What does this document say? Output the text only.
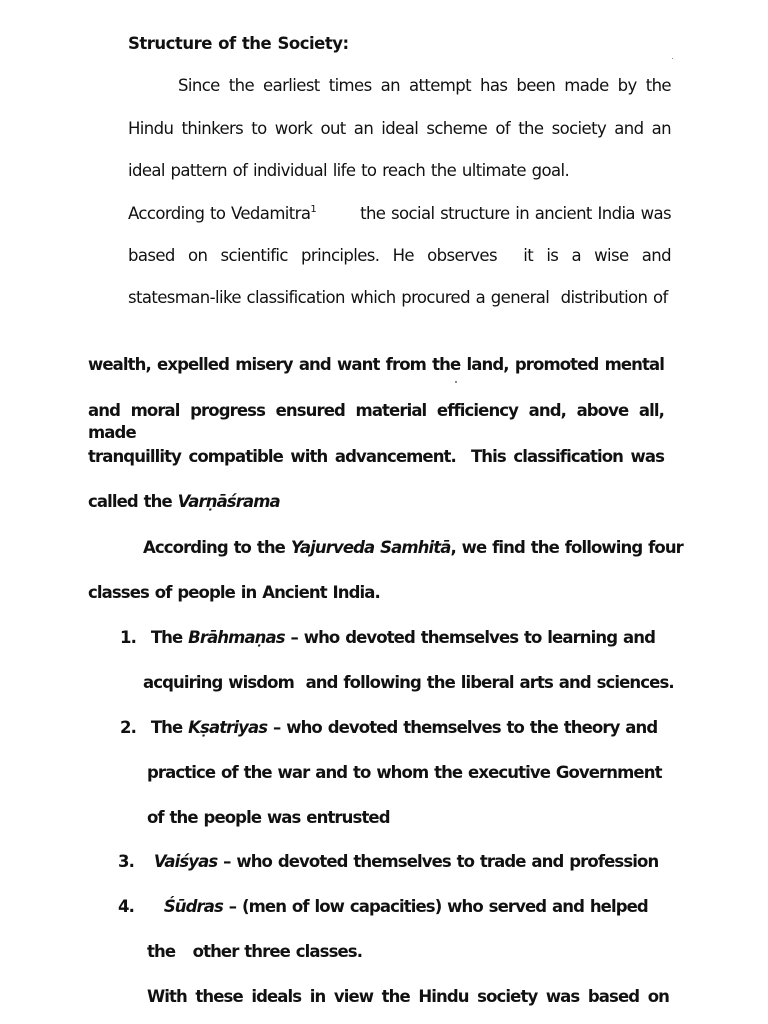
Structure of the Society:
Since the earliest times an attempt has been made by the
Hindu thinkers to work out an ideal scheme of the society and an
ideal pattern of individual life to reach the ultimate goal.
According to Vedamitra$^1$ the social structure in ancient India was
based on scientific principles. He observes  it is a wise and
statesman-like classification which procured a general  distribution of
wealth, expelled misery and want from the land, promoted mental
and moral progress ensured material efficiency and, above all, made
tranquillity compatible with advancement.  This classification was
called the Varṇāśrama
According to the Yajurveda Samhitā , we find the following four
classes of people in Ancient India.
1. The Brāhmaṇas – who devoted themselves to learning and
acquiring wisdom  and following the liberal arts and sciences.
2. The Kṣatriyas – who devoted themselves to the theory and
practice of the war and to whom the executive Government
of the people was entrusted
3. Vaiśyas – who devoted themselves to trade and profession
4. Śūdras – (men of low capacities) who served and helped
the   other three classes.
With these ideals in view the Hindu society was based on
